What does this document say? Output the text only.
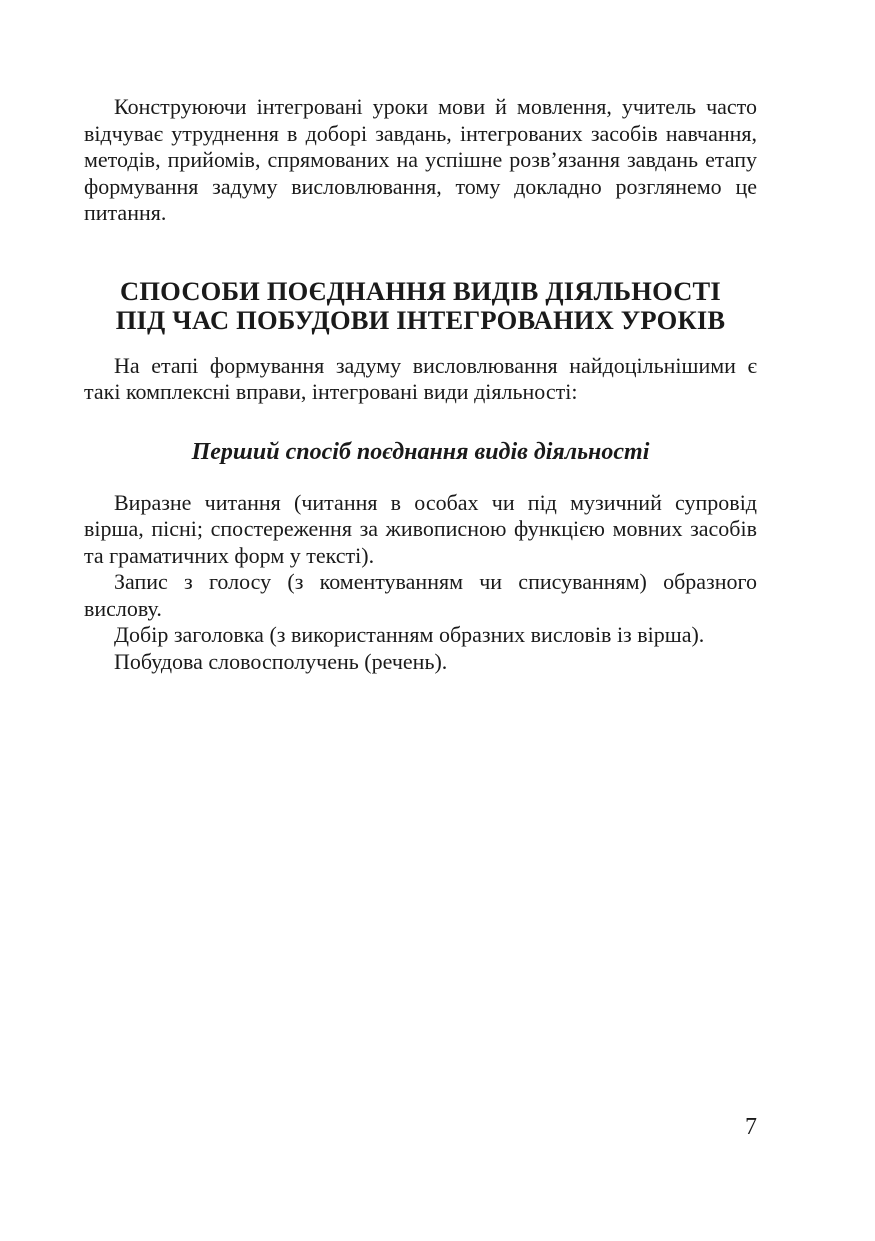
Конструюючи інтегровані уроки мови й мовлення, учитель часто відчуває утруднення в доборі завдань, інтегрованих засобів навчання, методів, прийомів, спрямованих на успішне розв’язання завдань етапу формування задуму висловлювання, тому докладно розглянемо це питання.

СПОСОБИ ПОЄДНАННЯ ВИДІВ ДІЯЛЬНОСТІ
ПІД ЧАС ПОБУДОВИ ІНТЕГРОВАНИХ УРОКІВ

На етапі формування задуму висловлювання найдоцільнішими є такі комплексні вправи, інтегровані види діяльності:

Перший спосіб поєднання видів діяльності

Виразне читання (читання в особах чи під музичний супровід вірша, пісні; спостереження за живописною функцією мовних засобів та граматичних форм у тексті).

Запис з голосу (з коментуванням чи списуванням) образного вислову.

Добір заголовка (з використанням образних висловів із вірша).

Побудова словосполучень (речень).

7
